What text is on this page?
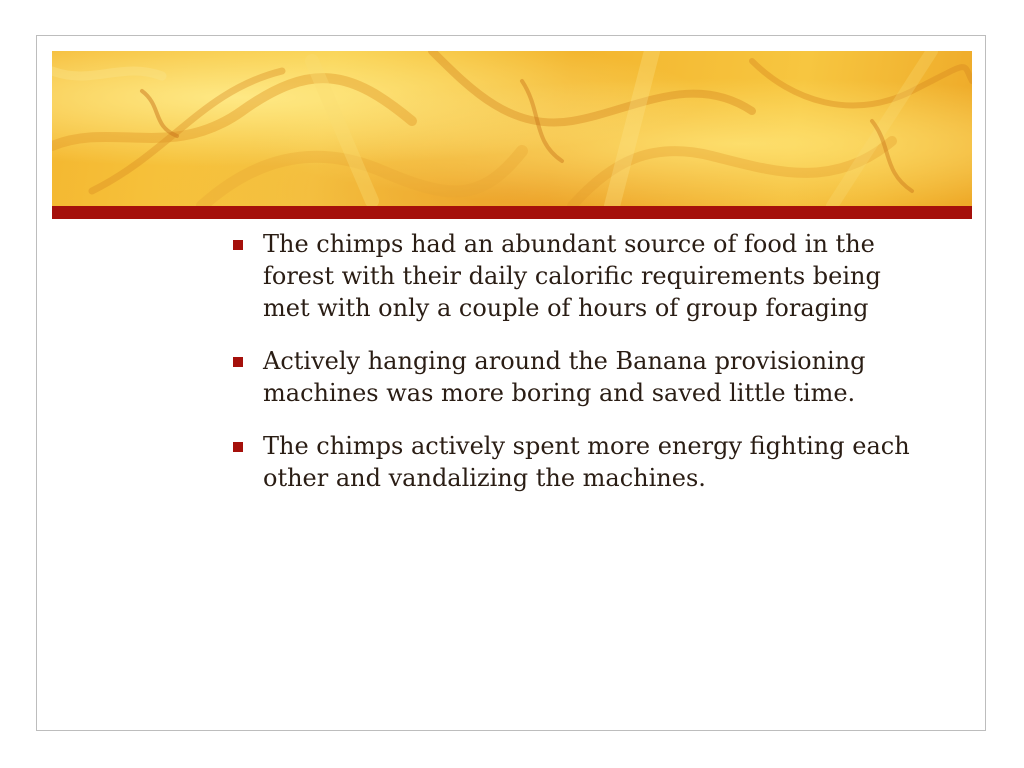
The chimps had an abundant source of food in the forest with their daily calorific requirements being met with only a couple of hours of group foraging
Actively hanging around the Banana provisioning machines was more boring and saved little time.
The chimps actively spent more energy fighting each other and vandalizing the machines.
